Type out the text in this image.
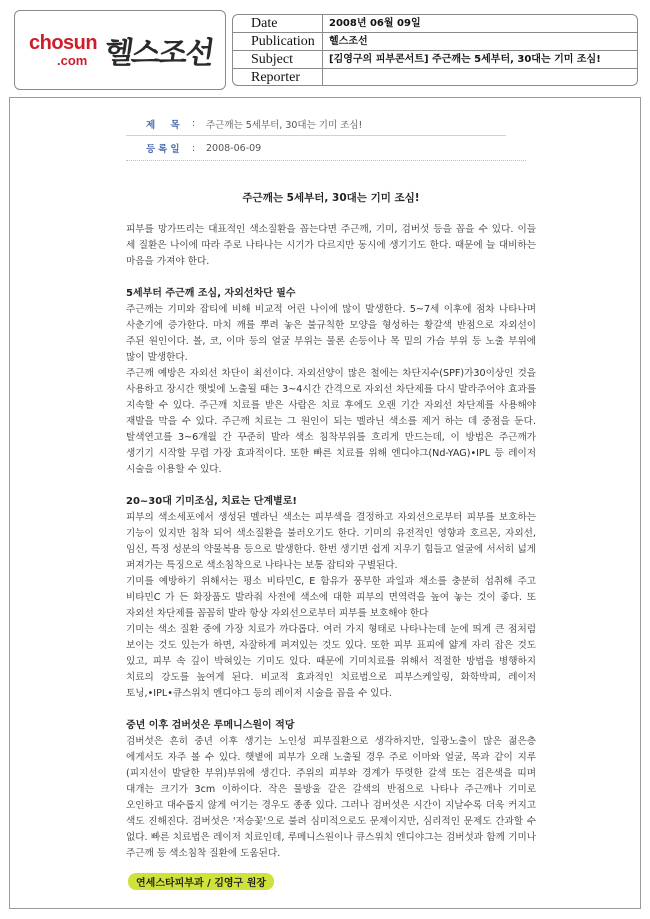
chosun
.com 헬스조선
Date	2008년 06월 09일
Publication	헬스조선
Subject	[김영구의 피부콘서트] 주근깨는 5세부터, 30대는 기미 조심!
Reporter
제 목 :	주근깨는 5세부터, 30대는 기미 조심!
등록일 :	2008-06-09
주근깨는 5세부터, 30대는 기미 조심!

피부를 망가뜨리는 대표적인 색소질환을 꼽는다면 주근깨, 기미, 검버섯 등을 꼽을 수 있다. 이들 세 질환은 나이에 따라 주로 나타나는 시기가 다르지만 동시에 생기기도 한다. 때문에 늘 대비하는 마음을 가져야 한다.

5세부터 주근깨 조심, 자외선차단 필수

주근깨는 기미와 잡티에 비해 비교적 어린 나이에 많이 발생한다. 5~7세 이후에 점차 나타나며 사춘기에 증가한다. 마치 깨를 뿌려 놓은 불규칙한 모양을 형성하는 황갈색 반점으로 자외선이 주된 원인이다. 볼, 코, 이마 등의 얼굴 부위는 물론 손등이나 목 밑의 가슴 부위 등 노출 부위에 많이 발생한다.

주근깨 예방은 자외선 차단이 최선이다. 자외선양이 많은 철에는 차단지수(SPF)가30이상인 것을 사용하고 장시간 햇빛에 노출될 때는 3~4시간 간격으로 자외선 차단제를 다시 발라주어야 효과를 지속할 수 있다. 주근깨 치료를 받은 사람은 치료 후에도 오랜 기간 자외선 차단제를 사용해야 재발을 막을 수 있다. 주근깨 치료는 그 원인이 되는 멜라닌 색소를 제거 하는 데 중점을 둔다. 탈색연고를 3~6개월 간 꾸준히 발라 색소 침착부위를 흐리게 만드는데, 이 방법은 주근깨가 생기기 시작할 무렵 가장 효과적이다. 또한 빠른 치료를 위해 엔디야그(Nd-YAG)•IPL 등 레이저 시술을 이용할 수 있다.

20~30대 기미조심, 치료는 단계별로!

피부의 색소세포에서 생성된 멜라닌 색소는 피부색을 결정하고 자외선으로부터 피부를 보호하는 기능이 있지만 침착 되어 색소질환을 불러오기도 한다. 기미의 유전적인 영향과 호르몬, 자외선, 임신, 특정 성분의 약물복용 등으로 발생한다. 한번 생기면 쉽게 지우기 힘들고 얼굴에 서서히 넓게 퍼져가는 특징으로 색소침착으로 나타나는 보통 잡티와 구별된다.

기미를 예방하기 위해서는 평소 비타민C, E 함유가 풍부한 과일과 채소를 충분히 섭취해 주고 비타민C 가 든 화장품도 발라줘 사전에 색소에 대한 피부의 면역력을 높여 놓는 것이 좋다. 또 자외선 차단제를 꼼꼼히 발라 항상 자외선으로부터 피부를 보호해야 한다

기미는 색소 질환 중에 가장 치료가 까다롭다. 여러 가지 형태로 나타나는데 눈에 띄게 큰 점처럼 보이는 것도 있는가 하면, 자잘하게 퍼져있는 것도 있다. 또한 피부 표피에 얇게 자리 잡은 것도 있고, 피부 속 깊이 박혀있는 기미도 있다. 때문에 기미치료를 위해서 적절한 방법을 병행하지 치료의 강도를 높여게 된다. 비교적 효과적인 치료법으로 피부스케일링, 화학박피, 레이저 토닝,•IPL•큐스위치 엔디야그 등의 레이저 시술을 꼽을 수 있다.

중년 이후 검버섯은 루메니스원이 적당

검버섯은 흔히 중년 이후 생기는 노인성 피부질환으로 생각하지만, 일광노출이 많은 젊은층 에게서도 자주 볼 수 있다. 햇볕에 피부가 오래 노출될 경우 주로 이마와 얼굴, 목과 같이 지루(피지선이 발달한 부위)부위에 생긴다. 주위의 피부와 경계가 뚜렷한 갈색 또는 검은색을 띠며 대개는 크기가 3cm 이하이다. 작은 물방울 같은 갈색의 반점으로 나타나 주근깨나 기미로 오인하고 대수롭지 않게 여기는 경우도 종종 있다. 그러나 검버섯은 시간이 지날수록 더욱 커지고 색도 진해진다. 검버섯은 '저승꽃'으로 불려 심미적으로도 문제이지만, 심리적인 문제도 간과할 수 없다. 빠른 치료법은 레이저 치료인데, 루메니스원이나 큐스위치 엔디야그는 검버섯과 함께 기미나 주근깨 등 색소침착 질환에 도움된다.

연세스타피부과 / 김영구 원장
